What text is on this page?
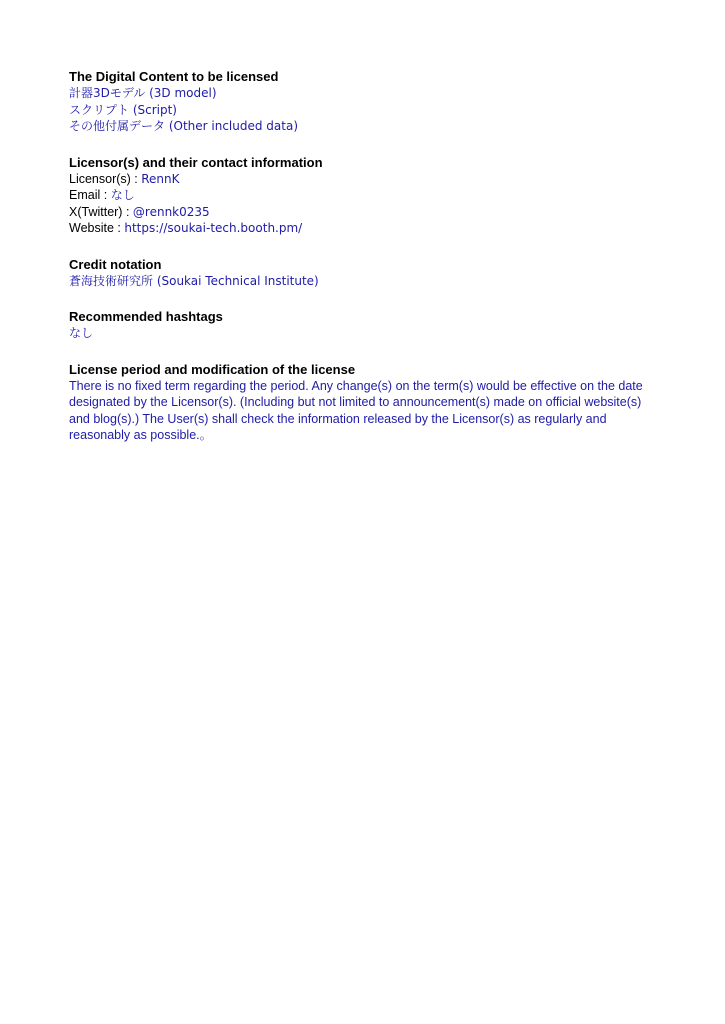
The Digital Content to be licensed

計器3Dモデル (3D model)

スクリプト (Script)

その他付属データ (Other included data)

Licensor(s) and their contact information

Licensor(s) : RennK

Email : なし

X(Twitter) : @rennk0235

Website : https://soukai-tech.booth.pm/

Credit notation

蒼海技術研究所 (Soukai Technical Institute)

Recommended hashtags

なし

License period and modification of the license

There is no fixed term regarding the period. Any change(s) on the term(s) would be effective on the date designated by the Licensor(s). (Including but not limited to announcement(s) made on official website(s) and blog(s).) The User(s) shall check the information released by the Licensor(s) as regularly and reasonably as possible.。
